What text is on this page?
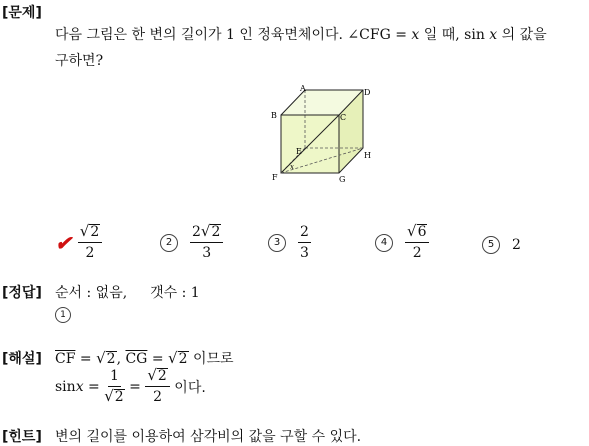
[문제]
다음 그림은 한 변의 길이가 1 인 정육면체이다. ∠CFG = x 일 때, sin x 의 값을
구하면?
A	D
B	C
E	H
F	G
x
✔ $\frac{√ 2}{2}$	2	$\frac{2 √ 2}{3}$	3	$\frac{2}{3}$	4	$\frac{√ 6}{2}$	5	2
[정답] 순서 : 없음, 갯수 : 1
1
[해설] $\overline{CF}$ = √ 2 , $\overline{CG}$ = √ 2 이므로
$\sin x = \frac{1}{√ 2} = \frac{√ 2}{2}$ 이다.
[힌트] 변의 길이를 이용하여 삼각비의 값을 구할 수 있다.
